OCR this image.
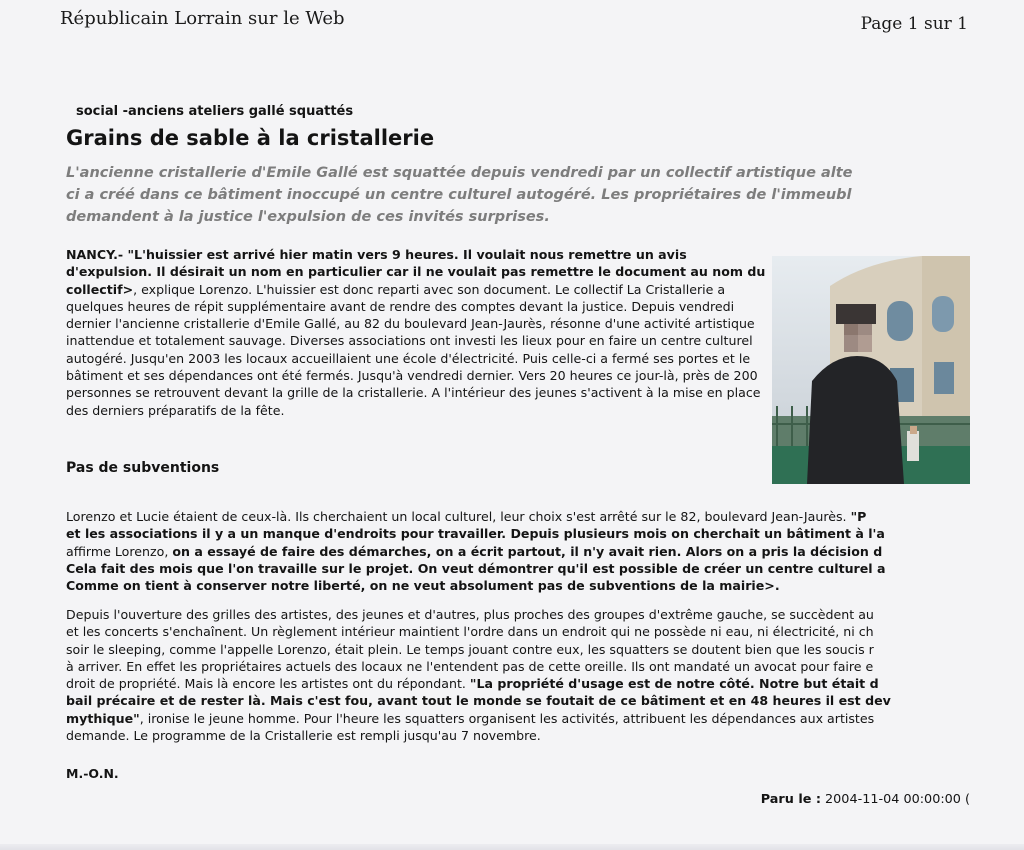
Républicain Lorrain sur le Web	Page 1 sur 1
social -anciens ateliers gallé squattés
Grains de sable à la cristallerie
L'ancienne cristallerie d'Emile Gallé est squattée depuis vendredi par un collectif artistique alte
ci a créé dans ce bâtiment inoccupé un centre culturel autogéré. Les propriétaires de l'immeubl
demandent à la justice l'expulsion de ces invités surprises.
NANCY.- "L'huissier est arrivé hier matin vers 9 heures. Il voulait nous remettre un avis d'expulsion. Il désirait un nom en particulier car il ne voulait pas remettre le document au nom du collectif>, explique Lorenzo. L'huissier est donc reparti avec son document. Le collectif La Cristallerie a quelques heures de répit supplémentaire avant de rendre des comptes devant la justice. Depuis vendredi dernier l'ancienne cristallerie d'Emile Gallé, au 82 du boulevard Jean-Jaurès, résonne d'une activité artistique inattendue et totalement sauvage. Diverses associations ont investi les lieux pour en faire un centre culturel autogéré. Jusqu'en 2003 les locaux accueillaient une école d'électricité. Puis celle-ci a fermé ses portes et le bâtiment et ses dépendances ont été fermés. Jusqu'à vendredi dernier. Vers 20 heures ce jour-là, près de 200 personnes se retrouvent devant la grille de la cristallerie. A l'intérieur des jeunes s'activent à la mise en place des derniers préparatifs de la fête.
Pas de subventions
Lorenzo et Lucie étaient de ceux-là. Ils cherchaient un local culturel, leur choix s'est arrêté sur le 82, boulevard Jean-Jaurès. "P
et les associations il y a un manque d'endroits pour travailler. Depuis plusieurs mois on cherchait un bâtiment à l'a
affirme Lorenzo, on a essayé de faire des démarches, on a écrit partout, il n'y avait rien. Alors on a pris la décision d
Cela fait des mois que l'on travaille sur le projet. On veut démontrer qu'il est possible de créer un centre culturel a
Comme on tient à conserver notre liberté, on ne veut absolument pas de subventions de la mairie>.
Depuis l'ouverture des grilles des artistes, des jeunes et d'autres, plus proches des groupes d'extrême gauche, se succèdent au
et les concerts s'enchaînent. Un règlement intérieur maintient l'ordre dans un endroit qui ne possède ni eau, ni électricité, ni ch
soir le sleeping, comme l'appelle Lorenzo, était plein. Le temps jouant contre eux, les squatters se doutent bien que les soucis r
à arriver. En effet les propriétaires actuels des locaux ne l'entendent pas de cette oreille. Ils ont mandaté un avocat pour faire e
droit de propriété. Mais là encore les artistes ont du répondant. "La propriété d'usage est de notre côté. Notre but était d
bail précaire et de rester là. Mais c'est fou, avant tout le monde se foutait de ce bâtiment et en 48 heures il est dev
mythique", ironise le jeune homme. Pour l'heure les squatters organisent les activités, attribuent les dépendances aux artistes
demande. Le programme de la Cristallerie est rempli jusqu'au 7 novembre.
M.-O.N.
Paru le : 2004-11-04 00:00:00 (
